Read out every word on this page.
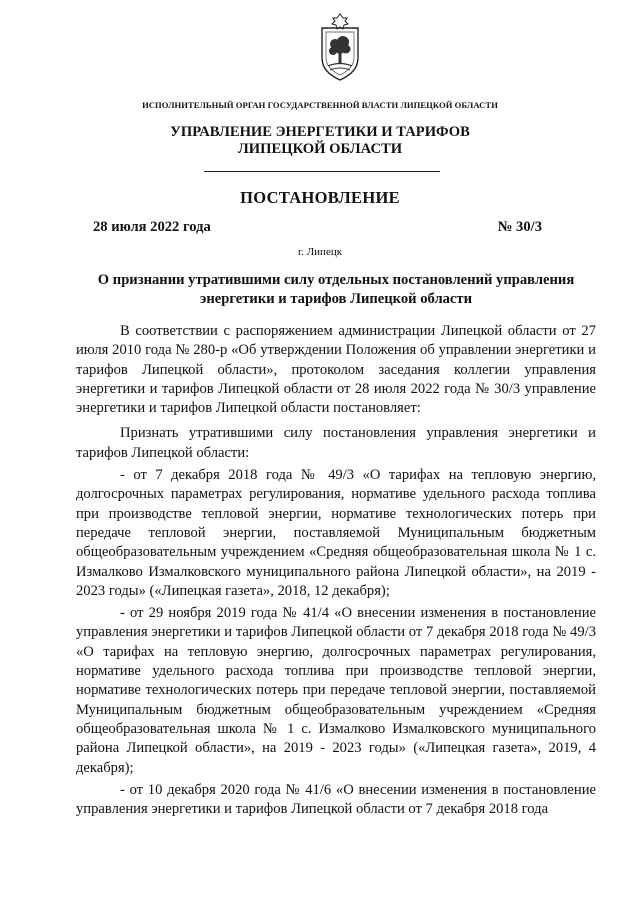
ИСПОЛНИТЕЛЬНЫЙ ОРГАН ГОСУДАРСТВЕННОЙ ВЛАСТИ ЛИПЕЦКОЙ ОБЛАСТИ
УПРАВЛЕНИЕ ЭНЕРГЕТИКИ И ТАРИФОВ
ЛИПЕЦКОЙ ОБЛАСТИ
ПОСТАНОВЛЕНИЕ
28 июля 2022 года	№ 30/3
г. Липецк
О признании утратившими силу отдельных постановлений управления энергетики и тарифов Липецкой области

В соответствии с распоряжением администрации Липецкой области от 27 июля 2010 года № 280-р «Об утверждении Положения об управлении энергетики и тарифов Липецкой области», протоколом заседания коллегии управления энергетики и тарифов Липецкой области от 28 июля 2022 года № 30/3 управление энергетики и тарифов Липецкой области постановляет:

Признать утратившими силу постановления управления энергетики и тарифов Липецкой области:

- от 7 декабря 2018 года № 49/3 «О тарифах на тепловую энергию, долгосрочных параметрах регулирования, нормативе удельного расхода топлива при производстве тепловой энергии, нормативе технологических потерь при передаче тепловой энергии, поставляемой Муниципальным бюджетным общеобразовательным учреждением «Средняя общеобразовательная школа № 1 с. Измалково Измалковского муниципального района Липецкой области», на 2019 - 2023 годы» («Липецкая газета», 2018, 12 декабря);

- от 29 ноября 2019 года № 41/4 «О внесении изменения в постановление управления энергетики и тарифов Липецкой области от 7 декабря 2018 года № 49/3 «О тарифах на тепловую энергию, долгосрочных параметрах регулирования, нормативе удельного расхода топлива при производстве тепловой энергии, нормативе технологических потерь при передаче тепловой энергии, поставляемой Муниципальным бюджетным общеобразовательным учреждением «Средняя общеобразовательная школа № 1 с. Измалково Измалковского муниципального района Липецкой области», на 2019 - 2023 годы» («Липецкая газета», 2019, 4 декабря);

- от 10 декабря 2020 года № 41/6 «О внесении изменения в постановление управления энергетики и тарифов Липецкой области от 7 декабря 2018 года
